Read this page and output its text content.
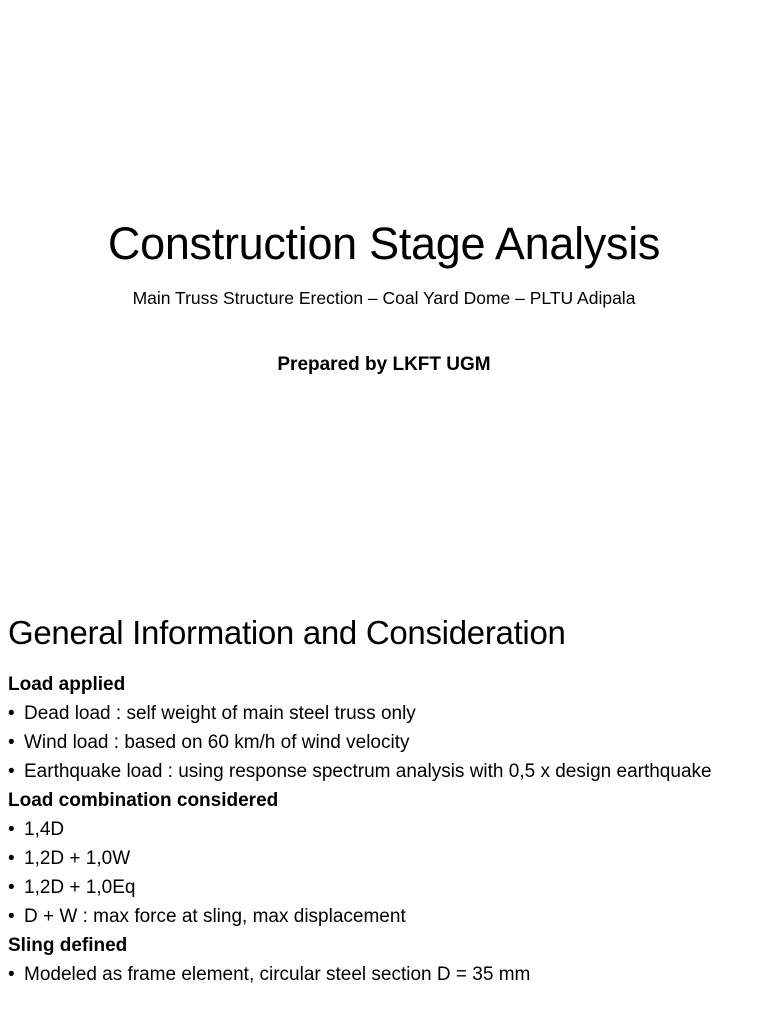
Construction Stage Analysis
Main Truss Structure Erection – Coal Yard Dome – PLTU Adipala
Prepared by LKFT UGM
General Information and Consideration
Load applied
• Dead load : self weight of main steel truss only
• Wind load : based on 60 km/h of wind velocity
• Earthquake load : using response spectrum analysis with 0,5 x design earthquake
Load combination considered
• 1,4D
• 1,2D + 1,0W
• 1,2D + 1,0Eq
• D + W : max force at sling, max displacement
Sling defined
• Modeled as frame element, circular steel section D = 35 mm
